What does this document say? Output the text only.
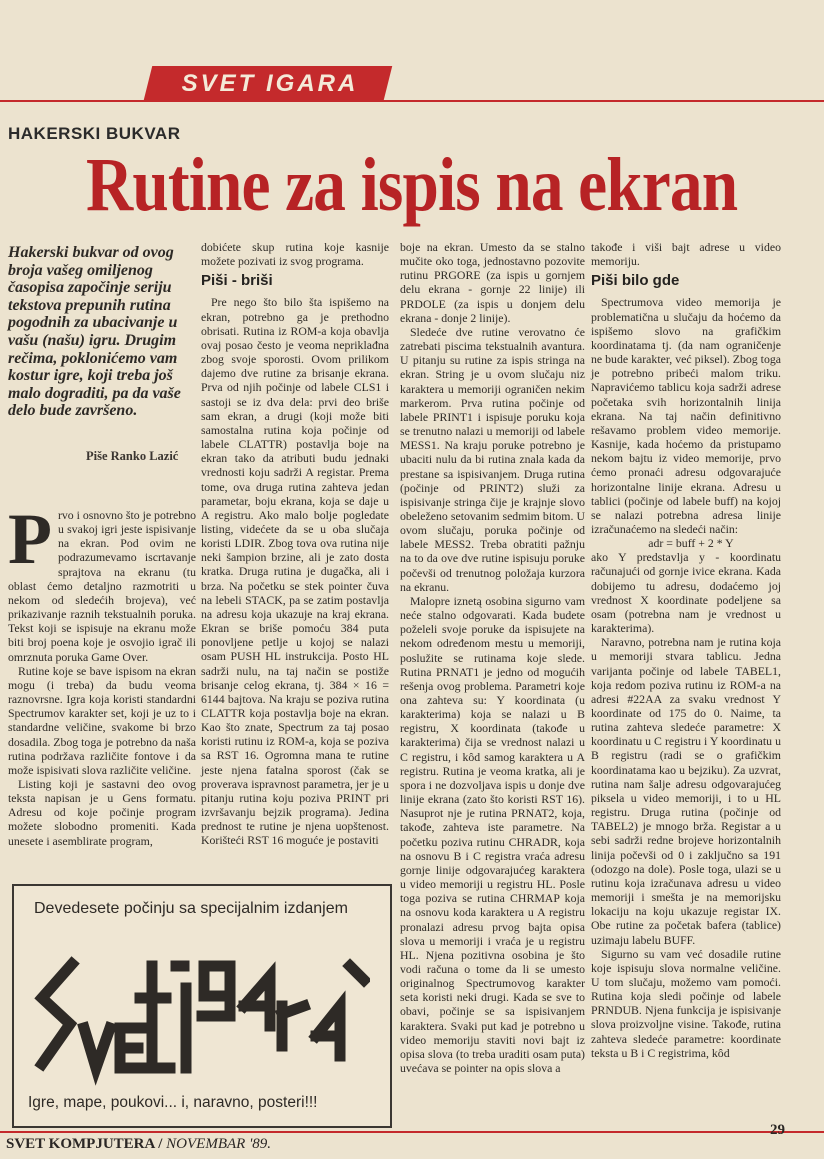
SVET IGARA
HAKERSKI BUKVAR
Rutine za ispis na ekran
Hakerski bukvar od ovog broja vašeg omiljenog časopisa započinje seriju tekstova prepunih rutina pogodnih za ubacivanje u vašu (našu) igru. Drugim rečima, poklonićemo vam kostur igre, koji treba još malo dograditi, pa da vaše delo bude završeno.
Piše Ranko Lazić
P rvo i osnovno što je potrebno u svakoj igri jeste ispisivanje na ekran. Pod ovim ne podrazumevamo iscrtavanje sprajtova na ekranu (tu oblast ćemo detaljno razmotriti u nekom od sledećih brojeva), već prikazivanje raznih tekstualnih poruka. Tekst koji se ispisuje na ekranu može biti broj poena koje je osvojio igrač ili omrznuta poruka Game Over.

Rutine koje se bave ispisom na ekran mogu (i treba) da budu veoma raznovrsne. Igra koja koristi standardni Spectrumov karakter set, koji je uz to i standardne veličine, svakome bi brzo dosadila. Zbog toga je potrebno da naša rutina podržava različite fontove i da može ispisivati slova različite veličine.

Listing koji je sastavni deo ovog teksta napisan je u Gens formatu. Adresu od koje počinje program možete slobodno promeniti. Kada unesete i asemblirate program,

dobićete skup rutina koje kasnije možete pozivati iz svog programa.

Piši - briši

Pre nego što bilo šta ispišemo na ekran, potrebno ga je prethodno obrisati. Rutina iz ROM-a koja obavlja ovaj posao često je veoma nepriklađna zbog svoje sporosti. Ovom prilikom dajemo dve rutine za brisanje ekrana. Prva od njih počinje od labele CLS1 i sastoji se iz dva dela: prvi deo briše sam ekran, a drugi (koji može biti samostalna rutina koja počinje od labele CLATTR) postavlja boje na ekran tako da atributi budu jednaki vrednosti koju sadrži A registar. Prema tome, ova druga rutina zahteva jedan parametar, boju ekrana, koja se daje u A registru. Ako malo bolje pogledate listing, videćete da se u oba slučaja koristi LDIR. Zbog tova ova rutina nije neki šampion brzine, ali je zato dosta kratka. Druga rutina je dugačka, ali i brza. Na početku se stek pointer čuva na lebeli STACK, pa se zatim postavlja na adresu koja ukazuje na kraj ekrana. Ekran se briše pomoću 384 puta ponovljene petlje u kojoj se nalazi osam PUSH HL instrukcija. Posto HL sadrži nulu, na taj način se postiže brisanje celog ekrana, tj. 384 × 16 = 6144 bajtova. Na kraju se poziva rutina CLATTR koja postavlja boje na ekran. Kao što znate, Spectrum za taj posao koristi rutinu iz ROM-a, koja se poziva sa RST 16. Ogromna mana te rutine jeste njena fatalna sporost (čak se proverava ispravnost parametra, jer je u pitanju rutina koju poziva PRINT pri izvršavanju bejzik programa). Jedina prednost te rutine je njena uopštenost. Korišteći RST 16 moguće je postaviti

boje na ekran. Umesto da se stalno mučite oko toga, jednostavno pozovite rutinu PRGORE (za ispis u gornjem delu ekrana - gornje 22 linije) ili PRDOLE (za ispis u donjem delu ekrana - donje 2 linije).

Sledeće dve rutine verovatno će zatrebati piscima tekstualnih avantura. U pitanju su rutine za ispis stringa na ekran. String je u ovom slučaju niz karaktera u memoriji ograničen nekim markerom. Prva rutina počinje od labele PRINT1 i ispisuje poruku koja se trenutno nalazi u memoriji od labele MESS1. Na kraju poruke potrebno je ubaciti nulu da bi rutina znala kada da prestane sa ispisivanjem. Druga rutina (počinje od PRINT2) služi za ispisivanje stringa čije je krajnje slovo obeleženo setovanim sedmim bitom. U ovom slučaju, poruka počinje od labele MESS2. Treba obratiti pažnju na to da ove dve rutine ispisuju poruke počevši od trenutnog položaja kurzora na ekranu.

Malopre iznetą osobina sigurno vam neće stalno odgovarati. Kada budete poželeli svoje poruke da ispisujete na nekom određenom mestu u memoriji, poslužite se rutinama koje slede. Rutina PRNAT1 je jedno od mogućih rešenja ovog problema. Parametri koje ona zahteva su: Y koordinata (u karakterima) koja se nalazi u B registru, X koordinata (takođe u karakterima) čija se vrednost nalazi u C registru, i kôd samog karaktera u A registru. Rutina je veoma kratka, ali je spora i ne dozvoljava ispis u donje dve linije ekrana (zato što koristi RST 16). Nasuprot nje je rutina PRNAT2, koja, takođe, zahteva iste parametre. Na početku poziva rutinu CHRADR, koja na osnovu B i C registra vraća adresu gornje linije odgovarajućeg karaktera u video memoriji u registru HL. Posle toga poziva se rutina CHRMAP koja na osnovu koda karaktera u A registru pronalazi adresu prvog bajta opisa slova u memoriji i vraća je u registru HL. Njena pozitivna osobina je što vodi računa o tome da li se umesto originalnog Spectrumovog karakter seta koristi neki drugi. Kada se sve to obavi, počinje se sa ispisivanjem karaktera. Svaki put kad je potrebno u video memoriju staviti novi bajt iz opisa slova (to treba uraditi osam puta) uvećava se pointer na opis slova a

takođe i viši bajt adrese u video memoriju.

Piši bilo gde

Spectrumova video memorija je problematična u slučaju da hoćemo da ispišemo slovo na grafičkim koordinatama tj. (da nam ograničenje ne bude karakter, već piksel). Zbog toga je potrebno pribeći malom triku. Napravićemo tablicu koja sadrži adrese početaka svih horizontalnih linija ekrana. Na taj način definitivno rešavamo problem video memorije. Kasnije, kada hoćemo da pristupamo nekom bajtu iz video memorije, prvo ćemo pronaći adresu odgovarajuće horizontalne linije ekrana. Adresu u tablici (počinje od labele buff) na kojoj se nalazi potrebna adresa linije izračunaćemo na sledeći način:

adr = buff + 2 * Y

ako Y predstavlja y - koordinatu računajući od gornje ivice ekrana. Kada dobijemo tu adresu, dodaćemo joj vrednost X koordinate podeljene sa osam (potrebna nam je vrednost u karakterima).

Naravno, potrebna nam je rutina koja u memoriji stvara tablicu. Jedna varijanta počinje od labele TABEL1, koja redom poziva rutinu iz ROM-a na adresi #22AA za svaku vrednost Y koordinate od 175 do 0. Naime, ta rutina zahteva sledeće parametre: X koordinatu u C registru i Y koordinatu u B registru (radi se o grafičkim koordinatama kao u bejziku). Za uzvrat, rutina nam šalje adresu odgovarajućeg piksela u video memoriji, i to u HL registru. Druga rutina (počinje od TABEL2) je mnogo brža. Registar a u sebi sadrži redne brojeve horizontalnih linija počevši od 0 i zaključno sa 191 (odozgo na dole). Posle toga, ulazi se u rutinu koja izračunava adresu u video memoriji i smešta je na memorijsku lokaciju na koju ukazuje registar IX. Obe rutine za početak bafera (tablice) uzimaju labelu BUFF.

Sigurno su vam već dosadile rutine koje ispisuju slova normalne veličine. U tom slučaju, možemo vam pomoći. Rutina koja sledi počinje od labele PRNDUB. Njena funkcija je ispisivanje slova proizvoljne visine. Takođe, rutina zahteva sledeće parametre: koordinate teksta u B i C registrima, kôd

Devedesete počinju sa specijalnim izdanjem
Svet igara
Igre, mape, poukovi... i, naravno, posteri!!!
SVET KOMPJUTERA / NOVEMBAR '89.
29
